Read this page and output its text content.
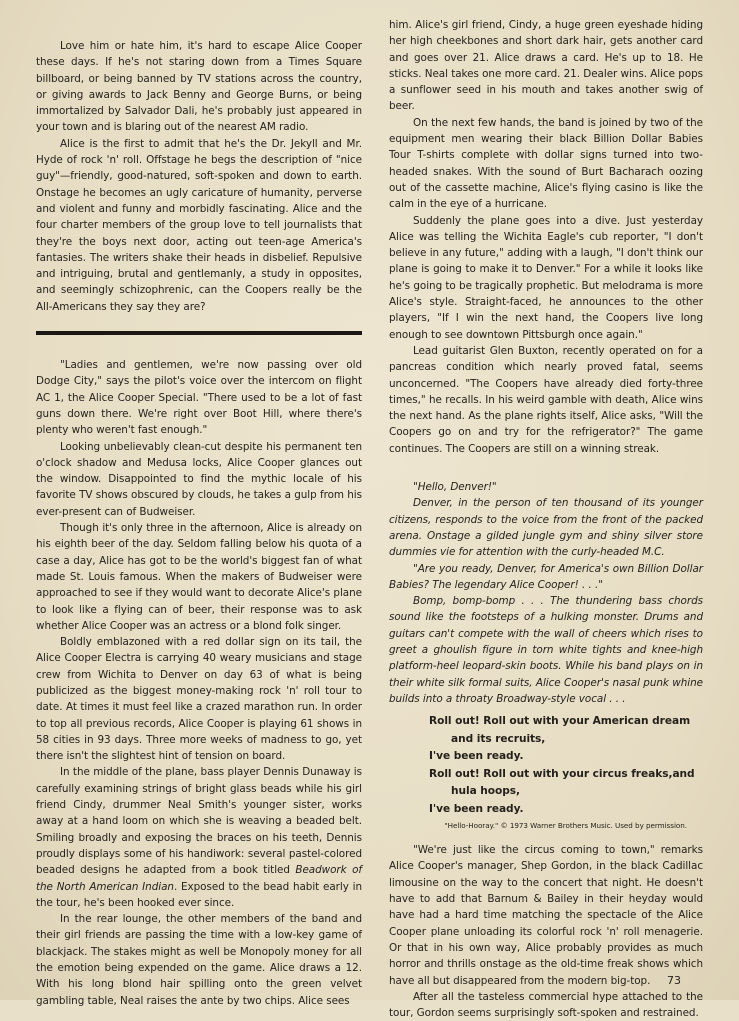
Love him or hate him, it's hard to escape Alice Cooper these days. If he's not staring down from a Times Square billboard, or being banned by TV stations across the country, or giving awards to Jack Benny and George Burns, or being immortalized by Salvador Dali, he's probably just appeared in your town and is blaring out of the nearest AM radio.

Alice is the first to admit that he's the Dr. Jekyll and Mr. Hyde of rock 'n' roll. Offstage he begs the description of "nice guy"—friendly, good-natured, soft-spoken and down to earth. Onstage he becomes an ugly caricature of humanity, perverse and violent and funny and morbidly fascinating. Alice and the four charter members of the group love to tell journalists that they're the boys next door, acting out teen-age America's fantasies. The writers shake their heads in disbelief. Repulsive and intriguing, brutal and gentlemanly, a study in opposites, and seemingly schizophrenic, can the Coopers really be the All-Americans they say they are?

"Ladies and gentlemen, we're now passing over old Dodge City," says the pilot's voice over the intercom on flight AC 1, the Alice Cooper Special. "There used to be a lot of fast guns down there. We're right over Boot Hill, where there's plenty who weren't fast enough."

Looking unbelievably clean-cut despite his permanent ten o'clock shadow and Medusa locks, Alice Cooper glances out the window. Disappointed to find the mythic locale of his favorite TV shows obscured by clouds, he takes a gulp from his ever-present can of Budweiser.

Though it's only three in the afternoon, Alice is already on his eighth beer of the day. Seldom falling below his quota of a case a day, Alice has got to be the world's biggest fan of what made St. Louis famous. When the makers of Budweiser were approached to see if they would want to decorate Alice's plane to look like a flying can of beer, their response was to ask whether Alice Cooper was an actress or a blond folk singer.

Boldly emblazoned with a red dollar sign on its tail, the Alice Cooper Electra is carrying 40 weary musicians and stage crew from Wichita to Denver on day 63 of what is being publicized as the biggest money-making rock 'n' roll tour to date. At times it must feel like a crazed marathon run. In order to top all previous records, Alice Cooper is playing 61 shows in 58 cities in 93 days. Three more weeks of madness to go, yet there isn't the slightest hint of tension on board.

In the middle of the plane, bass player Dennis Dunaway is carefully examining strings of bright glass beads while his girl friend Cindy, drummer Neal Smith's younger sister, works away at a hand loom on which she is weaving a beaded belt. Smiling broadly and exposing the braces on his teeth, Dennis proudly displays some of his handiwork: several pastel-colored beaded designs he adapted from a book titled Beadwork of the North American Indian. Exposed to the bead habit early in the tour, he's been hooked ever since.

In the rear lounge, the other members of the band and their girl friends are passing the time with a low-key game of blackjack. The stakes might as well be Monopoly money for all the emotion being expended on the game. Alice draws a 12. With his long blond hair spilling onto the green velvet gambling table, Neal raises the ante by two chips. Alice sees

him. Alice's girl friend, Cindy, a huge green eyeshade hiding her high cheekbones and short dark hair, gets another card and goes over 21. Alice draws a card. He's up to 18. He sticks. Neal takes one more card. 21. Dealer wins. Alice pops a sunflower seed in his mouth and takes another swig of beer.

On the next few hands, the band is joined by two of the equipment men wearing their black Billion Dollar Babies Tour T-shirts complete with dollar signs turned into two-headed snakes. With the sound of Burt Bacharach oozing out of the cassette machine, Alice's flying casino is like the calm in the eye of a hurricane.

Suddenly the plane goes into a dive. Just yesterday Alice was telling the Wichita Eagle's cub reporter, "I don't believe in any future," adding with a laugh, "I don't think our plane is going to make it to Denver." For a while it looks like he's going to be tragically prophetic. But melodrama is more Alice's style. Straight-faced, he announces to the other players, "If I win the next hand, the Coopers live long enough to see downtown Pittsburgh once again."

Lead guitarist Glen Buxton, recently operated on for a pancreas condition which nearly proved fatal, seems unconcerned. "The Coopers have already died forty-three times," he recalls. In his weird gamble with death, Alice wins the next hand. As the plane rights itself, Alice asks, "Will the Coopers go on and try for the refrigerator?" The game continues. The Coopers are still on a winning streak.

"Hello, Denver!"

Denver, in the person of ten thousand of its younger citizens, responds to the voice from the front of the packed arena. Onstage a gilded jungle gym and shiny silver store dummies vie for attention with the curly-headed M.C.

"Are you ready, Denver, for America's own Billion Dollar Babies? The legendary Alice Cooper! . . ."

Bomp, bomp-bomp . . . The thundering bass chords sound like the footsteps of a hulking monster. Drums and guitars can't compete with the wall of cheers which rises to greet a ghoulish figure in torn white tights and knee-high platform-heel leopard-skin boots. While his band plays on in their white silk formal suits, Alice Cooper's nasal punk whine builds into a throaty Broadway-style vocal . . .

Roll out! Roll out with your American dream
and its recruits,
I've been ready.
Roll out! Roll out with your circus freaks,and
hula hoops,
I've been ready.
"Hello-Hooray." © 1973 Warner Brothers Music. Used by permission.

"We're just like the circus coming to town," remarks Alice Cooper's manager, Shep Gordon, in the black Cadillac limousine on the way to the concert that night. He doesn't have to add that Barnum & Bailey in their heyday would have had a hard time matching the spectacle of the Alice Cooper plane unloading its colorful rock 'n' roll menagerie. Or that in his own way, Alice probably provides as much horror and thrills onstage as the old-time freak shows which have all but disappeared from the modern big-top.

After all the tasteless commercial hype attached to the tour, Gordon seems surprisingly soft-spoken and restrained.

73
